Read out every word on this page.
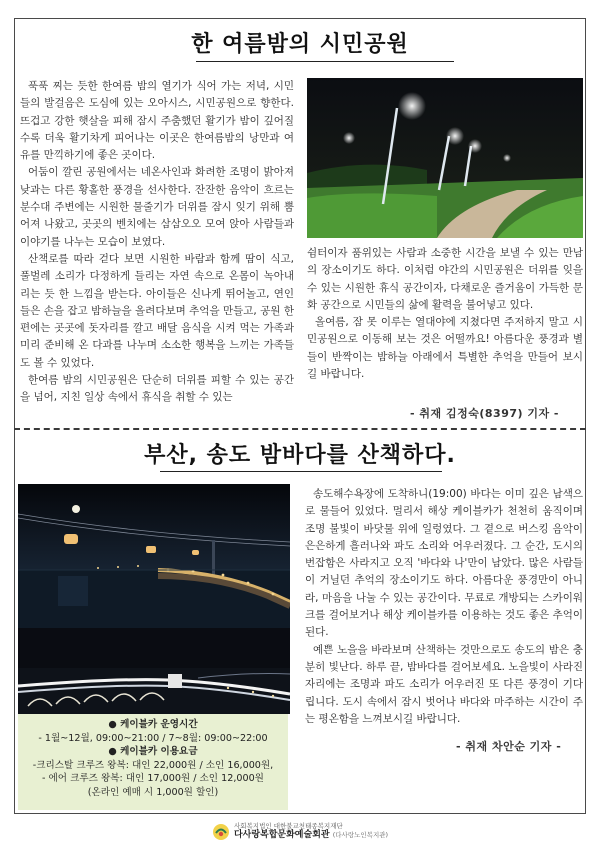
한 여름밤의 시민공원

푹푹 찌는 듯한 한여름 밤의 열기가 식어 가는 저녁, 시민들의 발걸음은 도심에 있는 오아시스, 시민공원으로 향한다. 뜨겁고 강한 햇살을 피해 잠시 주춤했던 활기가 밤이 깊어질수록 더욱 활기차게 피어나는 이곳은 한여름밤의 낭만과 여유를 만끽하기에 좋은 곳이다.

어둠이 깔린 공원에서는 네온사인과 화려한 조명이 밝아져 낮과는 다른 황홀한 풍경을 선사한다. 잔잔한 음악이 흐르는 분수대 주변에는 시원한 물줄기가 더위를 잠시 잊기 위해 뿜어져 나왔고, 곳곳의 벤치에는 삼삼오오 모여 앉아 사람들과 이야기를 나누는 모습이 보였다.

산책로를 따라 걷다 보면 시원한 바람과 함께 땀이 식고, 풀벌레 소리가 다정하게 들리는 자연 속으로 온몸이 녹아내리는 듯 한 느낌을 받는다. 아이들은 신나게 뛰어놀고, 연인들은 손을 잡고 밤하늘을 올려다보며 추억을 만들고, 공원 한편에는 곳곳에 돗자리를 깔고 배달 음식을 시켜 먹는 가족과 미리 준비해 온 다과를 나누며 소소한 행복을 느끼는 가족들도 볼 수 있었다.

한여름 밤의 시민공원은 단순히 더위를 피할 수 있는 공간을 넘어, 지친 일상 속에서 휴식을 취할 수 있는

쉼터이자 품위있는 사람과 소중한 시간을 보낼 수 있는 만남의 장소이기도 하다. 이처럼 야간의 시민공원은 더위를 잊을 수 있는 시원한 휴식 공간이자, 다채로운 즐거움이 가득한 문화 공간으로 시민들의 삶에 활력을 불어넣고 있다.

올여름, 잠 못 이루는 열대야에 지쳤다면 주저하지 말고 시민공원으로 이동해 보는 것은 어떨까요! 아름다운 풍경과 별들이 반짝이는 밤하늘 아래에서 특별한 추억을 만들어 보시길 바랍니다.

- 취재 김정숙(8397) 기자 -
부산, 송도 밤바다를 산책하다.
● 케이블카 운영시간
- 1월~12월, 09:00~21:00 / 7~8월: 09:00~22:00
● 케이블카 이용요금
-크리스탈 크루즈 왕복: 대인 22,000원 / 소인 16,000원,
- 에어 크루즈 왕복: 대인 17,000원 / 소인 12,000원
(온라인 예매 시 1,000원 할인)

송도해수욕장에 도착하니(19:00) 바다는 이미 깊은 남색으로 물들어 있었다. 멀리서 해상 케이블카가 천천히 움직이며 조명 불빛이 바닷물 위에 일렁였다. 그 곁으로 버스킹 음악이 은은하게 흘러나와 파도 소리와 어우러졌다. 그 순간, 도시의 번잡함은 사라지고 오직 '바다와 나'만이 남았다. 많은 사람들이 거닐던 추억의 장소이기도 하다. 아름다운 풍경만이 아니라, 마음을 나눌 수 있는 공간이다. 무료로 개방되는 스카이워크를 걸어보거나 해상 케이블카를 이용하는 것도 좋은 추억이 된다.

예쁜 노을을 바라보며 산책하는 것만으로도 송도의 밤은 충분히 빛난다. 하루 끝, 밤바다를 걸어보세요. 노을빛이 사라진 자리에는 조명과 파도 소리가 어우러진 또 다른 풍경이 기다립니다. 도시 속에서 잠시 벗어나 바다와 마주하는 시간이 주는 평온함을 느껴보시길 바랍니다.

- 취재 차안순 기자 -
사회복지법인 대한불교천태종복지재단
다사랑복합문화예술회관 (다사랑노인복지관)
